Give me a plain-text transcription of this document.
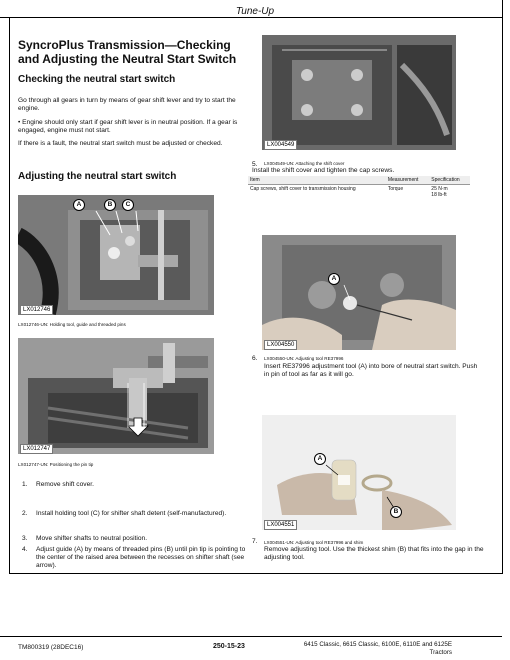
Tune-Up
SyncroPlus Transmission—Checking and Adjusting the Neutral Start Switch
Checking the neutral start switch
Go through all gears in turn by means of gear shift lever and try to start the engine.
• Engine should only start if gear shift lever is in neutral position. If a gear is engaged, engine must not start.
If there is a fault, the neutral start switch must be adjusted or checked.
Adjusting the neutral start switch
A	B	C
LX012746
LX012746-UN: Holding tool, guide and threaded pins
LX012747
LX012747-UN: Positioning the pin tip
1. Remove shift cover.
2. Install holding tool (C) for shifter shaft detent (self-manufactured).
3. Move shifter shafts to neutral position.
4. Adjust guide (A) by means of threaded pins (B) until pin tip is pointing to the center of the raised area between the recesses on shifter shaft (see arrow).
LX004549
5. LX004549-UN: Attaching the shift cover
Install the shift cover and tighten the cap screws.
Item	Measurement	Specification
Cap screws, shift cover to transmission housing	Torque	25 N·m
18 lb-ft
A
LX004550
6. LX004550-UN: Adjusting tool RE37996
Insert RE37996 adjustment tool (A) into bore of neutral start switch. Push in pin of tool as far as it will go.
A
B
LX004551
7. LX004551-UN: Adjusting tool RE37996 and shim
Remove adjusting tool. Use the thickest shim (B) that fits into the gap in the adjusting tool.
TM800319 (28DEC16)	250-15-23	6415 Classic, 6615 Classic, 6100E, 6110E and 6125E
Tractors
